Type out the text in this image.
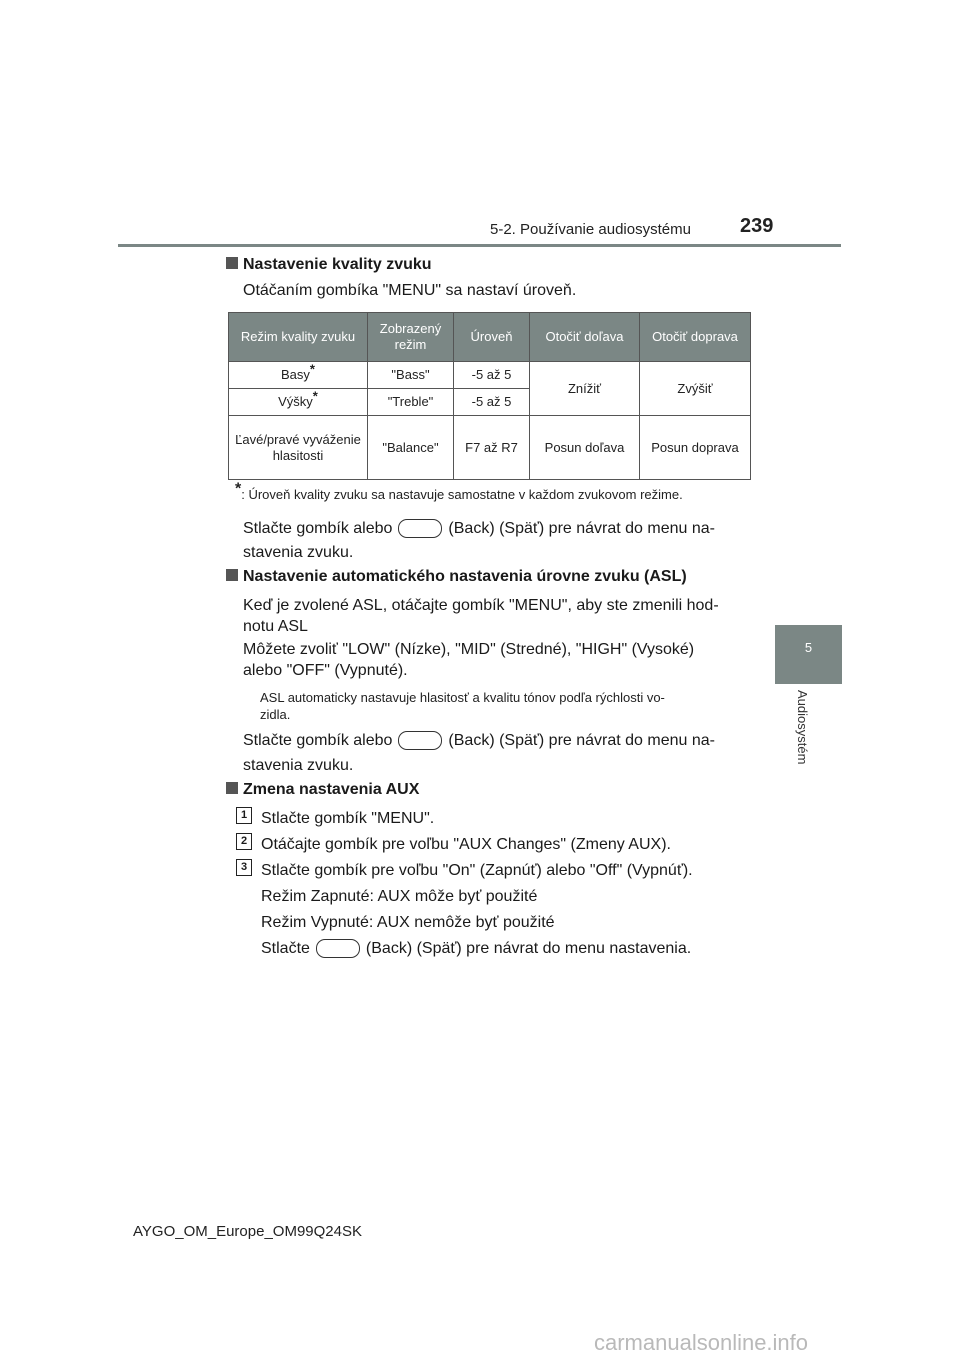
5-2. Používanie audiosystému 239
5
Audiosystém
Nastavenie kvality zvuku
Otáčaním gombíka "MENU" sa nastaví úroveň.
Režim kvality zvuku	Zobrazený režim	Úroveň	Otočiť doľava	Otočiť doprava
Basy*	"Bass"	-5 až 5	Znížiť	Zvýšiť
Výšky*	"Treble"	-5 až 5		
Ľavé/pravé vyváženie hlasitosti	"Balance"	F7 až R7	Posun doľava	Posun doprava
*: Úroveň kvality zvuku sa nastavuje samostatne v každom zvukovom režime.
Stlačte gombík alebo	(Back) (Späť) pre návrat do menu na-
stavenia zvuku.
Nastavenie automatického nastavenia úrovne zvuku (ASL)
Keď je zvolené ASL, otáčajte gombík "MENU", aby ste zmenili hod-
notu ASL
Môžete zvoliť "LOW" (Nízke), "MID" (Stredné), "HIGH" (Vysoké)
alebo "OFF" (Vypnuté).
ASL automaticky nastavuje hlasitosť a kvalitu tónov podľa rýchlosti vo-
zidla.
Stlačte gombík alebo	(Back) (Späť) pre návrat do menu na-
stavenia zvuku.
Zmena nastavenia AUX
1 Stlačte gombík "MENU".
2 Otáčajte gombík pre voľbu "AUX Changes" (Zmeny AUX).
3 Stlačte gombík pre voľbu "On" (Zapnúť) alebo "Off" (Vypnúť).
Režim Zapnuté: AUX môže byť použité
Režim Vypnuté: AUX nemôže byť použité
Stlačte	(Back) (Späť) pre návrat do menu nastavenia.
AYGO_OM_Europe_OM99Q24SK
carmanualsonline.info
